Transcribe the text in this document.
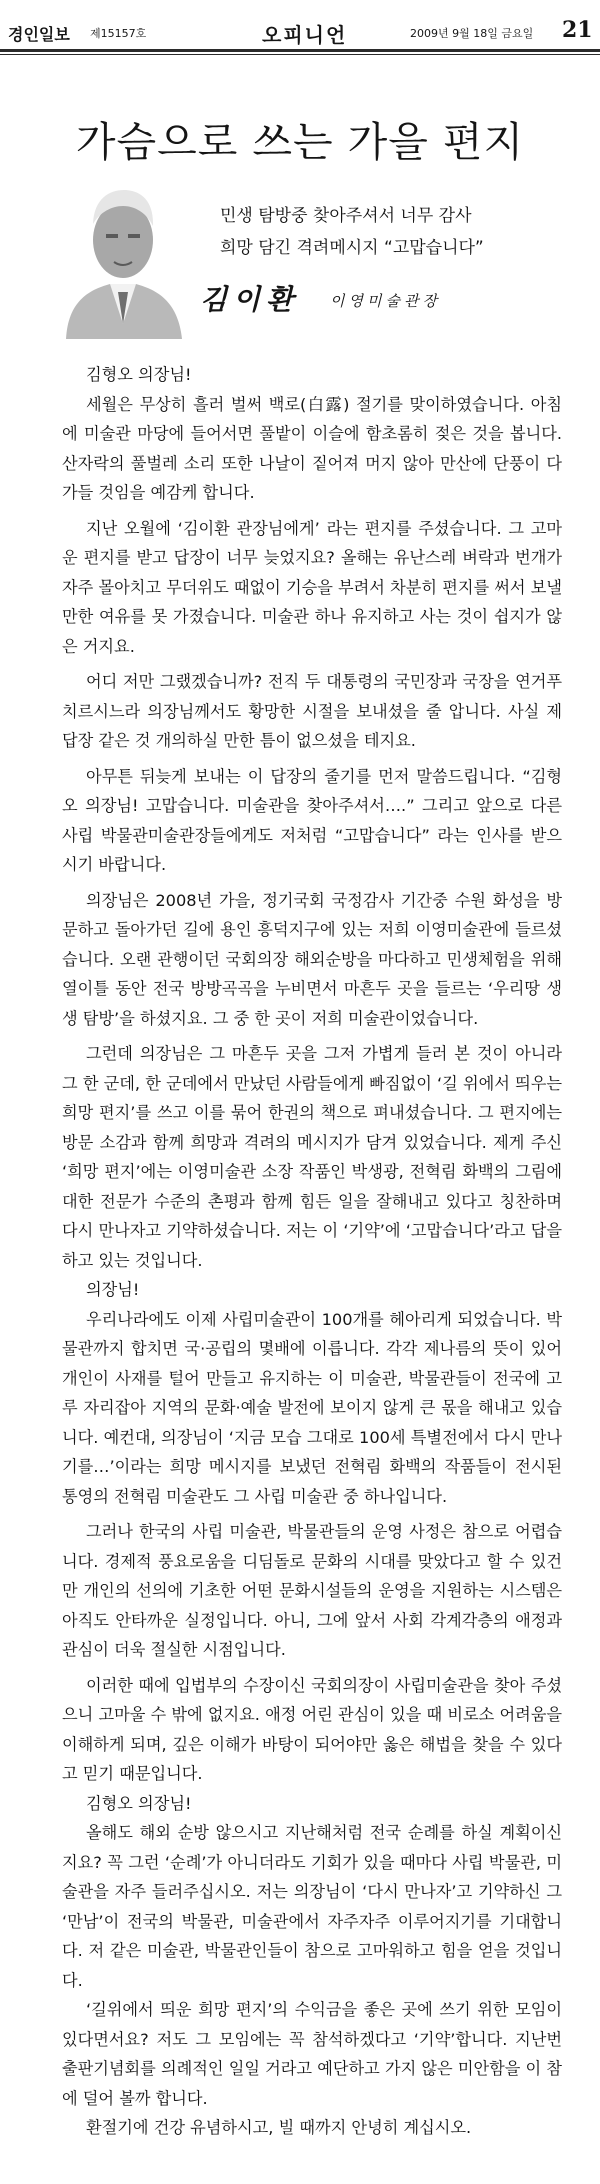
경인일보 제15157호	오피니언	2009년 9월 18일 금요일 21
가슴으로 쓰는 가을 편지
민생 탐방중 찾아주셔서 너무 감사
희망 담긴 격려메시지 “고맙습니다”
김이환 이영미술관장

김형오 의장님!

세월은 무상히 흘러 벌써 백로(白露) 절기를 맞이하였습니다. 아침에 미술관 마당에 들어서면 풀밭이 이슬에 함초롬히 젖은 것을 봅니다. 산자락의 풀벌레 소리 또한 나날이 짙어져 머지 않아 만산에 단풍이 다가들 것임을 예감케 합니다.

지난 오월에 ‘김이환 관장님에게’ 라는 편지를 주셨습니다. 그 고마운 편지를 받고 답장이 너무 늦었지요? 올해는 유난스레 벼락과 번개가 자주 몰아치고 무더위도 때없이 기승을 부려서 차분히 편지를 써서 보낼 만한 여유를 못 가졌습니다. 미술관 하나 유지하고 사는 것이 쉽지가 않은 거지요.

어디 저만 그랬겠습니까? 전직 두 대통령의 국민장과 국장을 연거푸 치르시느라 의장님께서도 황망한 시절을 보내셨을 줄 압니다. 사실 제 답장 같은 것 개의하실 만한 틈이 없으셨을 테지요.

아무튼 뒤늦게 보내는 이 답장의 줄기를 먼저 말씀드립니다. “김형오 의장님! 고맙습니다. 미술관을 찾아주셔서….” 그리고 앞으로 다른 사립 박물관미술관장들에게도 저처럼 “고맙습니다” 라는 인사를 받으시기 바랍니다.

의장님은 2008년 가을, 정기국회 국정감사 기간중 수원 화성을 방문하고 돌아가던 길에 용인 흥덕지구에 있는 저희 이영미술관에 들르셨습니다. 오랜 관행이던 국회의장 해외순방을 마다하고 민생체험을 위해 열이틀 동안 전국 방방곡곡을 누비면서 마흔두 곳을 들르는 ‘우리땅 생생 탐방’을 하셨지요. 그 중 한 곳이 저희 미술관이었습니다.

그런데 의장님은 그 마흔두 곳을 그저 가볍게 들러 본 것이 아니라 그 한 군데, 한 군데에서 만났던 사람들에게 빠짐없이 ‘길 위에서 띄우는 희망 편지’를 쓰고 이를 묶어 한권의 책으로 펴내셨습니다. 그 편지에는 방문 소감과 함께 희망과 격려의 메시지가 담겨 있었습니다. 제게 주신 ‘희망 편지’에는 이영미술관 소장 작품인 박생광, 전혁림 화백의 그림에 대한 전문가 수준의 촌평과 함께 힘든 일을 잘해내고 있다고 칭찬하며 다시 만나자고 기약하셨습니다. 저는 이 ‘기약’에 ‘고맙습니다’라고 답을 하고 있는 것입니다.

의장님!

우리나라에도 이제 사립미술관이 100개를 헤아리게 되었습니다. 박물관까지 합치면 국·공립의 몇배에 이릅니다. 각각 제나름의 뜻이 있어 개인이 사재를 털어 만들고 유지하는 이 미술관, 박물관들이 전국에 고루 자리잡아 지역의 문화·예술 발전에 보이지 않게 큰 몫을 해내고 있습니다. 예컨대, 의장님이 ‘지금 모습 그대로 100세 특별전에서 다시 만나기를…’이라는 희망 메시지를 보냈던 전혁림 화백의 작품들이 전시된 통영의 전혁림 미술관도 그 사립 미술관 중 하나입니다.

그러나 한국의 사립 미술관, 박물관들의 운영 사정은 참으로 어렵습니다. 경제적 풍요로움을 디딤돌로 문화의 시대를 맞았다고 할 수 있건만 개인의 선의에 기초한 어떤 문화시설들의 운영을 지원하는 시스템은 아직도 안타까운 실정입니다. 아니, 그에 앞서 사회 각계각층의 애정과 관심이 더욱 절실한 시점입니다.

이러한 때에 입법부의 수장이신 국회의장이 사립미술관을 찾아 주셨으니 고마울 수 밖에 없지요. 애정 어린 관심이 있을 때 비로소 어려움을 이해하게 되며, 깊은 이해가 바탕이 되어야만 옳은 해법을 찾을 수 있다고 믿기 때문입니다.

김형오 의장님!

올해도 해외 순방 않으시고 지난해처럼 전국 순례를 하실 계획이신지요? 꼭 그런 ‘순례’가 아니더라도 기회가 있을 때마다 사립 박물관, 미술관을 자주 들러주십시오. 저는 의장님이 ‘다시 만나자’고 기약하신 그 ‘만남’이 전국의 박물관, 미술관에서 자주자주 이루어지기를 기대합니다. 저 같은 미술관, 박물관인들이 참으로 고마워하고 힘을 얻을 것입니다.

‘길위에서 띄운 희망 편지’의 수익금을 좋은 곳에 쓰기 위한 모임이 있다면서요? 저도 그 모임에는 꼭 참석하겠다고 ‘기약’합니다. 지난번 출판기념회를 의례적인 일일 거라고 예단하고 가지 않은 미안함을 이 참에 덜어 볼까 합니다.

환절기에 건강 유념하시고, 빌 때까지 안녕히 계십시오.
